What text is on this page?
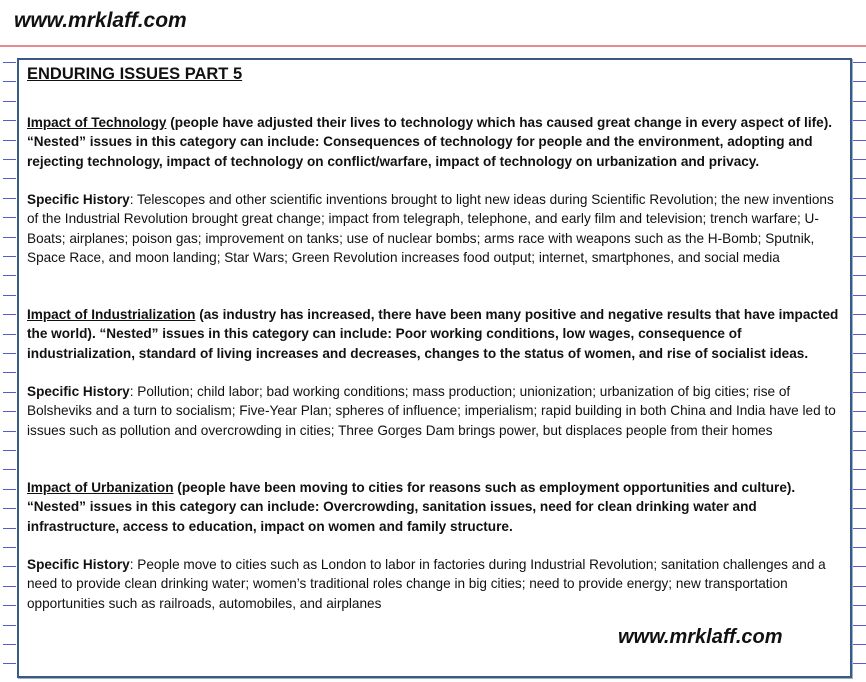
www.mrklaff.com
ENDURING ISSUES PART 5
Impact of Technology (people have adjusted their lives to technology which has caused great change in every aspect of life). “Nested” issues in this category can include: Consequences of technology for people and the environment, adopting and rejecting technology, impact of technology on conflict/warfare, impact of technology on urbanization and privacy.
Specific History: Telescopes and other scientific inventions brought to light new ideas during Scientific Revolution; the new inventions of the Industrial Revolution brought great change; impact from telegraph, telephone, and early film and television; trench warfare; U-Boats; airplanes; poison gas; improvement on tanks; use of nuclear bombs; arms race with weapons such as the H-Bomb; Sputnik, Space Race, and moon landing; Star Wars; Green Revolution increases food output; internet, smartphones, and social media
Impact of Industrialization (as industry has increased, there have been many positive and negative results that have impacted the world). “Nested” issues in this category can include: Poor working conditions, low wages, consequence of industrialization, standard of living increases and decreases, changes to the status of women, and rise of socialist ideas.
Specific History: Pollution; child labor; bad working conditions; mass production; unionization; urbanization of big cities; rise of Bolsheviks and a turn to socialism; Five-Year Plan; spheres of influence; imperialism; rapid building in both China and India have led to issues such as pollution and overcrowding in cities; Three Gorges Dam brings power, but displaces people from their homes
Impact of Urbanization (people have been moving to cities for reasons such as employment opportunities and culture). “Nested” issues in this category can include: Overcrowding, sanitation issues, need for clean drinking water and infrastructure, access to education, impact on women and family structure.
Specific History: People move to cities such as London to labor in factories during Industrial Revolution; sanitation challenges and a need to provide clean drinking water; women’s traditional roles change in big cities; need to provide energy; new transportation opportunities such as railroads, automobiles, and airplanes
www.mrklaff.com
